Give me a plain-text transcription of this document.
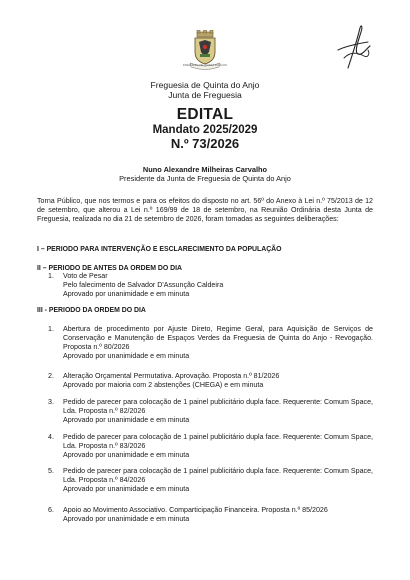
FREGUESIA DE QUINTA DO ANJO
Freguesia de Quinta do Anjo
Junta de Freguesia
EDITAL
Mandato 2025/2029
N.º 73/2026
Nuno Alexandre Milheiras Carvalho
Presidente da Junta de Freguesia de Quinta do Anjo
Torna Público, que nos termos e para os efeitos do disposto no art. 56º do Anexo à Lei n.º 75/2013 de 12 de setembro, que alterou a Lei n.º 169/99 de 18 de setembro, na Reunião Ordinária desta Junta de Freguesia, realizada no dia 21 de setembro de 2026, foram tomadas as seguintes deliberações:
I – PERIODO PARA INTERVENÇÃO E ESCLARECIMENTO DA POPULAÇÃO
II – PERIODO DE ANTES DA ORDEM DO DIA
1. Voto de Pesar
Pelo falecimento de Salvador D'Assunção Caldeira
Aprovado por unanimidade e em minuta
III - PERIODO DA ORDEM DO DIA
1. Abertura de procedimento por Ajuste Direto, Regime Geral, para Aquisição de Serviços de Conservação e Manutenção de Espaços Verdes da Freguesia de Quinta do Anjo - Revogação. Proposta n.º 80/2026
Aprovado por unanimidade e em minuta
2. Alteração Orçamental Permutativa. Aprovação. Proposta n.º 81/2026
Aprovado por maioria com 2 abstenções (CHEGA) e em minuta
3. Pedido de parecer para colocação de 1 painel publicitário dupla face. Requerente: Comum Space, Lda. Proposta n.º 82/2026
Aprovado por unanimidade e em minuta
4. Pedido de parecer para colocação de 1 painel publicitário dupla face. Requerente: Comum Space, Lda. Proposta n.º 83/2026
Aprovado por unanimidade e em minuta
5. Pedido de parecer para colocação de 1 painel publicitário dupla face. Requerente: Comum Space, Lda. Proposta n.º 84/2026
Aprovado por unanimidade e em minuta
6. Apoio ao Movimento Associativo. Comparticipação Financeira. Proposta n.º 85/2026
Aprovado por unanimidade e em minuta
